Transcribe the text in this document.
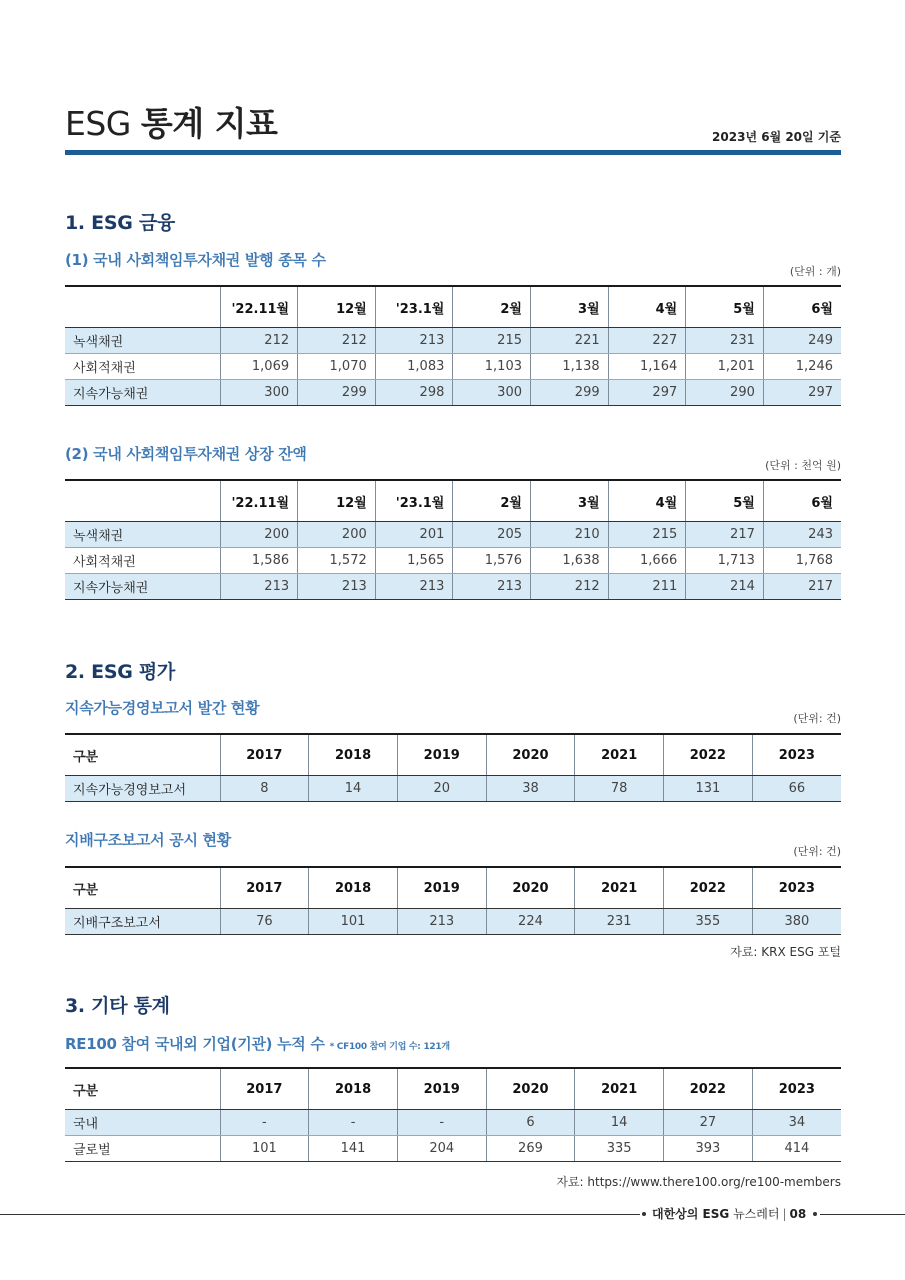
ESG 통계 지표	2023년 6월 20일 기준
1. ESG 금융
(1) 국내 사회책임투자채권 발행 종목 수
(단위 : 개)
	'22.11월	12월	'23.1월	2월	3월	4월	5월	6월
녹색채권	212	212	213	215	221	227	231	249
사회적채권	1,069	1,070	1,083	1,103	1,138	1,164	1,201	1,246
지속가능채권	300	299	298	300	299	297	290	297
(2) 국내 사회책임투자채권 상장 잔액
(단위 : 천억 원)
	'22.11월	12월	'23.1월	2월	3월	4월	5월	6월
녹색채권	200	200	201	205	210	215	217	243
사회적채권	1,586	1,572	1,565	1,576	1,638	1,666	1,713	1,768
지속가능채권	213	213	213	213	212	211	214	217
2. ESG 평가
지속가능경영보고서 발간 현황
(단위: 건)
구분	2017	2018	2019	2020	2021	2022	2023
지속가능경영보고서	8	14	20	38	78	131	66
지배구조보고서 공시 현황
(단위: 건)
구분	2017	2018	2019	2020	2021	2022	2023
지배구조보고서	76	101	213	224	231	355	380
자료: KRX ESG 포털
3. 기타 통계
RE100 참여 국내외 기업(기관) 누적 수 * CF100 참여 기업 수: 121개
구분	2017	2018	2019	2020	2021	2022	2023
국내	-	-	-	6	14	27	34
글로벌	101	141	204	269	335	393	414
자료: https://www.there100.org/re100-members
대한상의 ESG 뉴스레터 | 08
